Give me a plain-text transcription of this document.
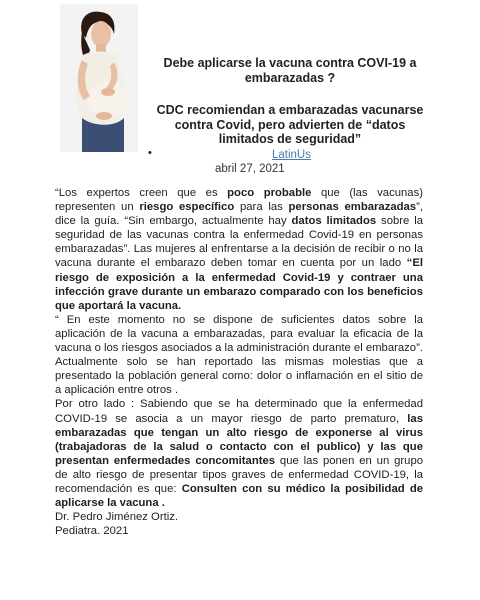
Debe aplicarse la vacuna contra COVI-19 a embarazadas ?
CDC recomiendan a embarazadas vacunarse contra Covid, pero advierten de “datos limitados de seguridad”
•	LatinUs
abril 27, 2021

“Los expertos creen que es poco probable que (las vacunas) representen un riesgo específico para las personas embarazadas”, dice la guía. “Sin embargo, actualmente hay datos limitados sobre la seguridad de las vacunas contra la enfermedad Covid-19 en personas embarazadas”. Las mujeres al enfrentarse a la decisión de recibir o no la vacuna durante el embarazo deben tomar en cuenta por un lado “El riesgo de exposición a la enfermedad Covid-19 y contraer una infección grave durante un embarazo comparado con los beneficios que aportará la vacuna.

“ En este momento no se dispone de suficientes datos sobre la aplicación de la vacuna a embarazadas, para evaluar la eficacia de la vacuna o los riesgos asociados a la administración durante el embarazo”. Actualmente solo se han reportado las mismas molestias que a presentado la población general como: dolor o inflamación en el sitio de a aplicación entre otros .

Por otro lado : Sabiendo que se ha determinado que la enfermedad COVID-19 se asocia a un mayor riesgo de parto prematuro, las embarazadas que tengan un alto riesgo de exponerse al virus (trabajadoras de la salud o contacto con el publico) y las que presentan enfermedades concomitantes que las ponen en un grupo de alto riesgo de presentar tipos graves de enfermedad COVID-19, la recomendación es que: Consulten con su médico la posibilidad de aplicarse la vacuna .

Dr. Pedro Jiménez Ortiz.

Pediatra. 2021
